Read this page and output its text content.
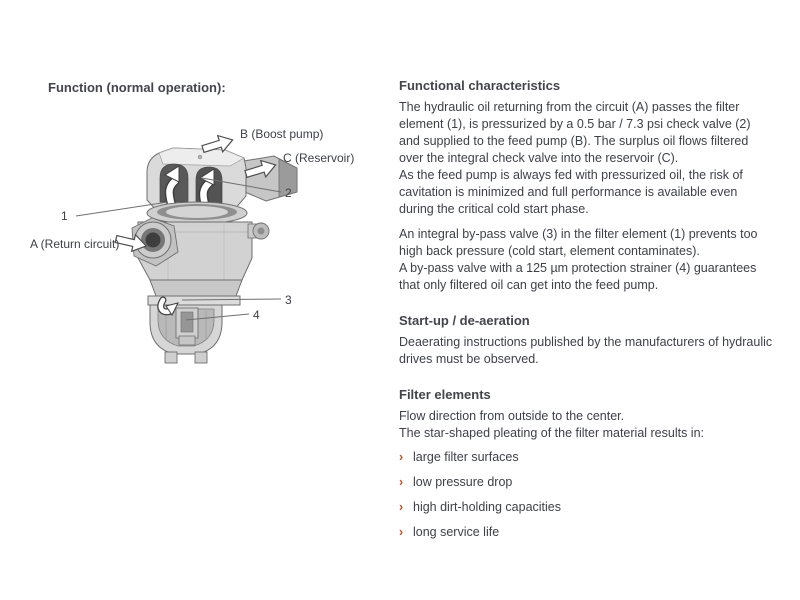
Function (normal operation):
B (Boost pump)
C (Reservoir)
2
1
A (Return circuit)
3
4
Functional characteristics

The hydraulic oil returning from the circuit (A) passes the filter element (1), is pressurized by a 0.5 bar / 7.3 psi check valve (2) and supplied to the feed pump (B). The surplus oil flows filtered over the integral check valve into the reservoir (C).

As the feed pump is always fed with pressurized oil, the risk of cavitation is minimized and full performance is available even during the critical cold start phase.

An integral by-pass valve (3) in the filter element (1) prevents too high back pressure (cold start, element contaminates).

A by-pass valve with a 125 µm protection strainer (4) guarantees that only filtered oil can get into the feed pump.

Start-up / de-aeration

Deaerating instructions published by the manufacturers of hydraulic drives must be observed.

Filter elements

Flow direction from outside to the center.

The star-shaped pleating of the filter material results in:

› large filter surfaces
› low pressure drop
› high dirt-holding capacities
› long service life
